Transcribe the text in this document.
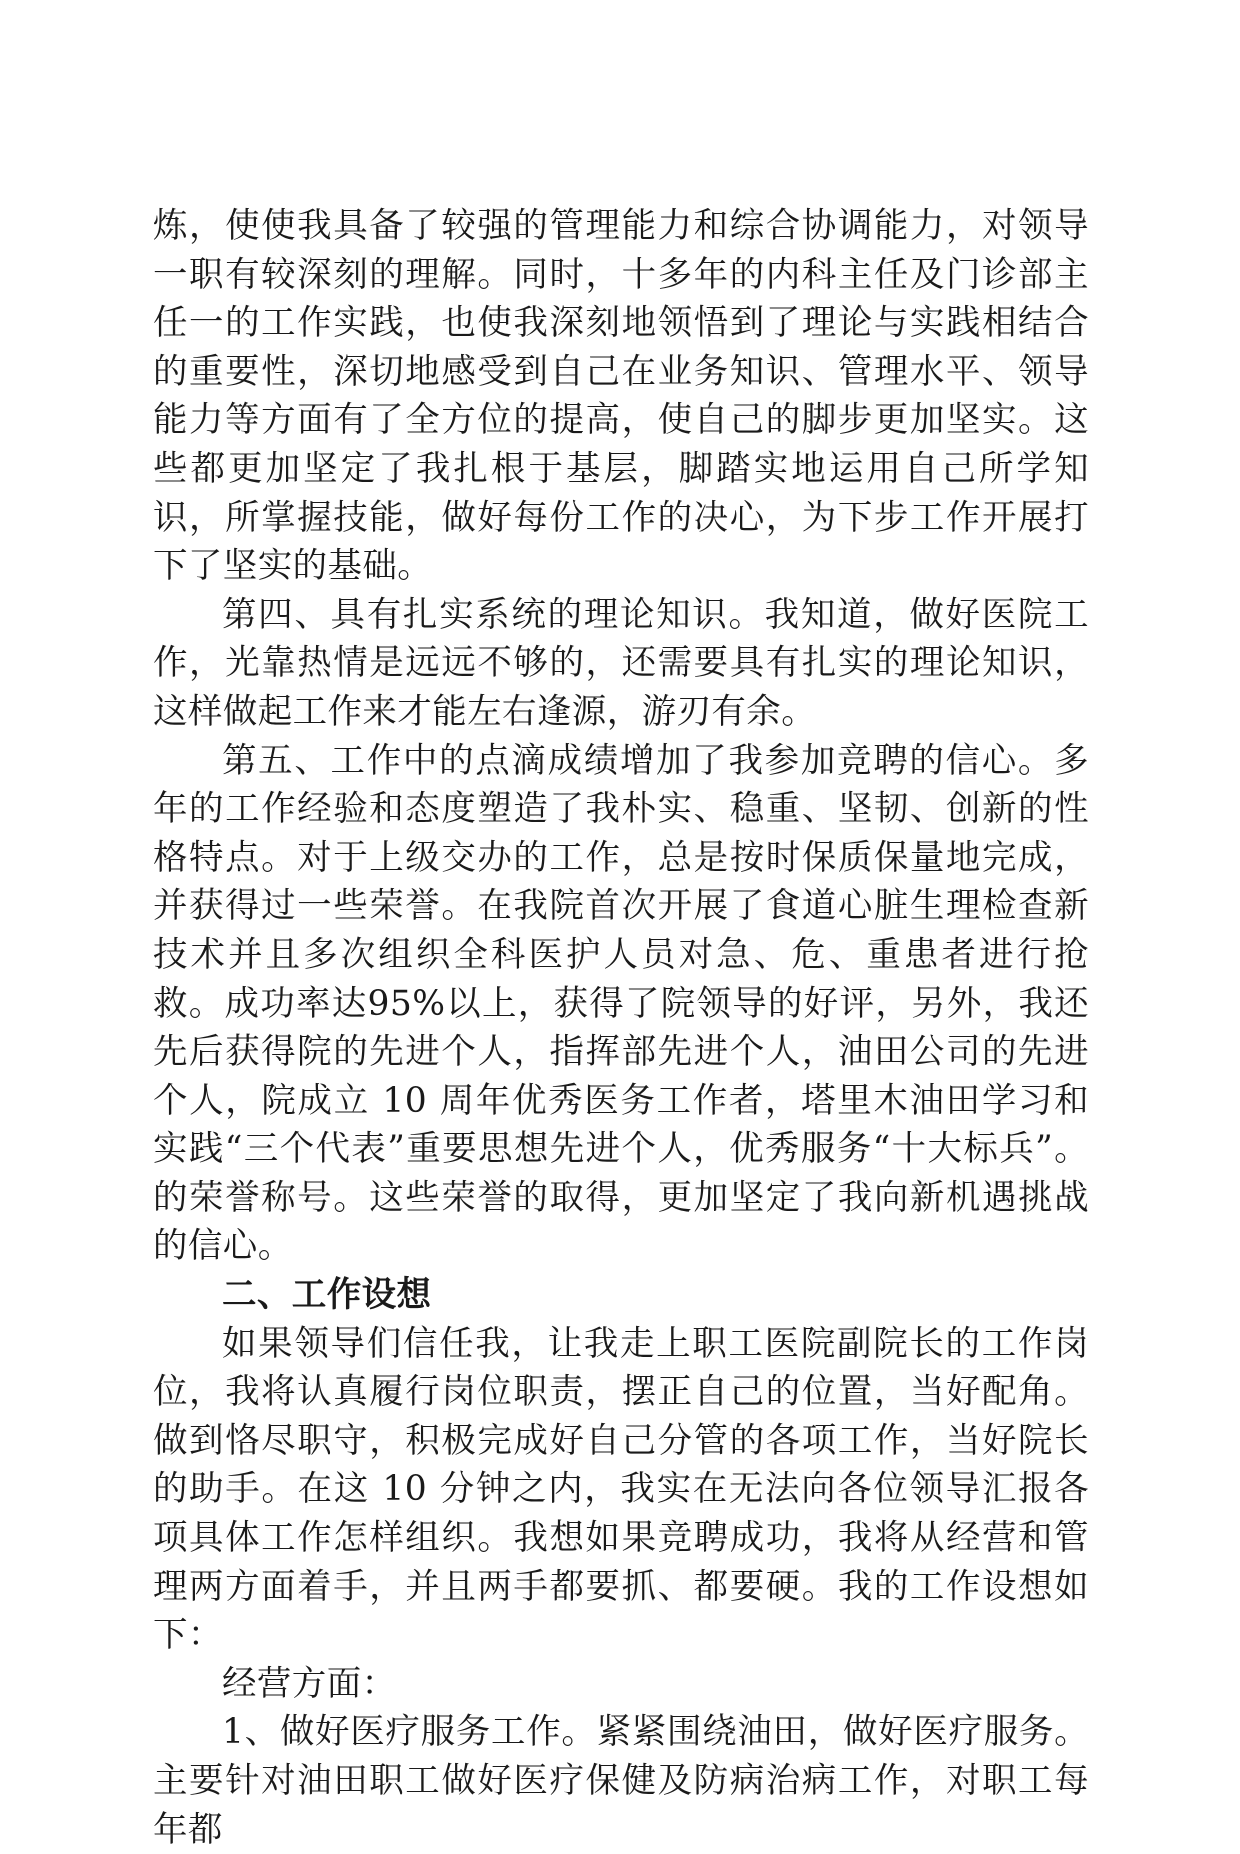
炼，使使我具备了较强的管理能力和综合协调能力，对领导一职有较深刻的理解。同时，十多年的内科主任及门诊部主任一的工作实践，也使我深刻地领悟到了理论与实践相结合的重要性，深切地感受到自己在业务知识、管理水平、领导能力等方面有了全方位的提高，使自己的脚步更加坚实。这些都更加坚定了我扎根于基层，脚踏实地运用自己所学知识，所掌握技能，做好每份工作的决心，为下步工作开展打下了坚实的基础。

第四、具有扎实系统的理论知识。我知道，做好医院工作，光靠热情是远远不够的，还需要具有扎实的理论知识，这样做起工作来才能左右逢源，游刃有余。

第五、工作中的点滴成绩增加了我参加竞聘的信心。多年的工作经验和态度塑造了我朴实、稳重、坚韧、创新的性格特点。对于上级交办的工作，总是按时保质保量地完成，并获得过一些荣誉。在我院首次开展了食道心脏生理检查新技术并且多次组织全科医护人员对急、危、重患者进行抢救。成功率达95%以上，获得了院领导的好评，另外，我还先后获得院的先进个人，指挥部先进个人，油田公司的先进个人，院成立 10 周年优秀医务工作者，塔里木油田学习和实践“三个代表”重要思想先进个人，优秀服务“十大标兵”。的荣誉称号。这些荣誉的取得，更加坚定了我向新机遇挑战的信心。

二、工作设想

如果领导们信任我，让我走上职工医院副院长的工作岗位，我将认真履行岗位职责，摆正自己的位置，当好配角。做到恪尽职守，积极完成好自己分管的各项工作，当好院长的助手。在这 10 分钟之内，我实在无法向各位领导汇报各项具体工作怎样组织。我想如果竞聘成功，我将从经营和管理两方面着手，并且两手都要抓、都要硬。我的工作设想如下：

经营方面：

1、做好医疗服务工作。紧紧围绕油田，做好医疗服务。主要针对油田职工做好医疗保健及防病治病工作，对职工每年都
